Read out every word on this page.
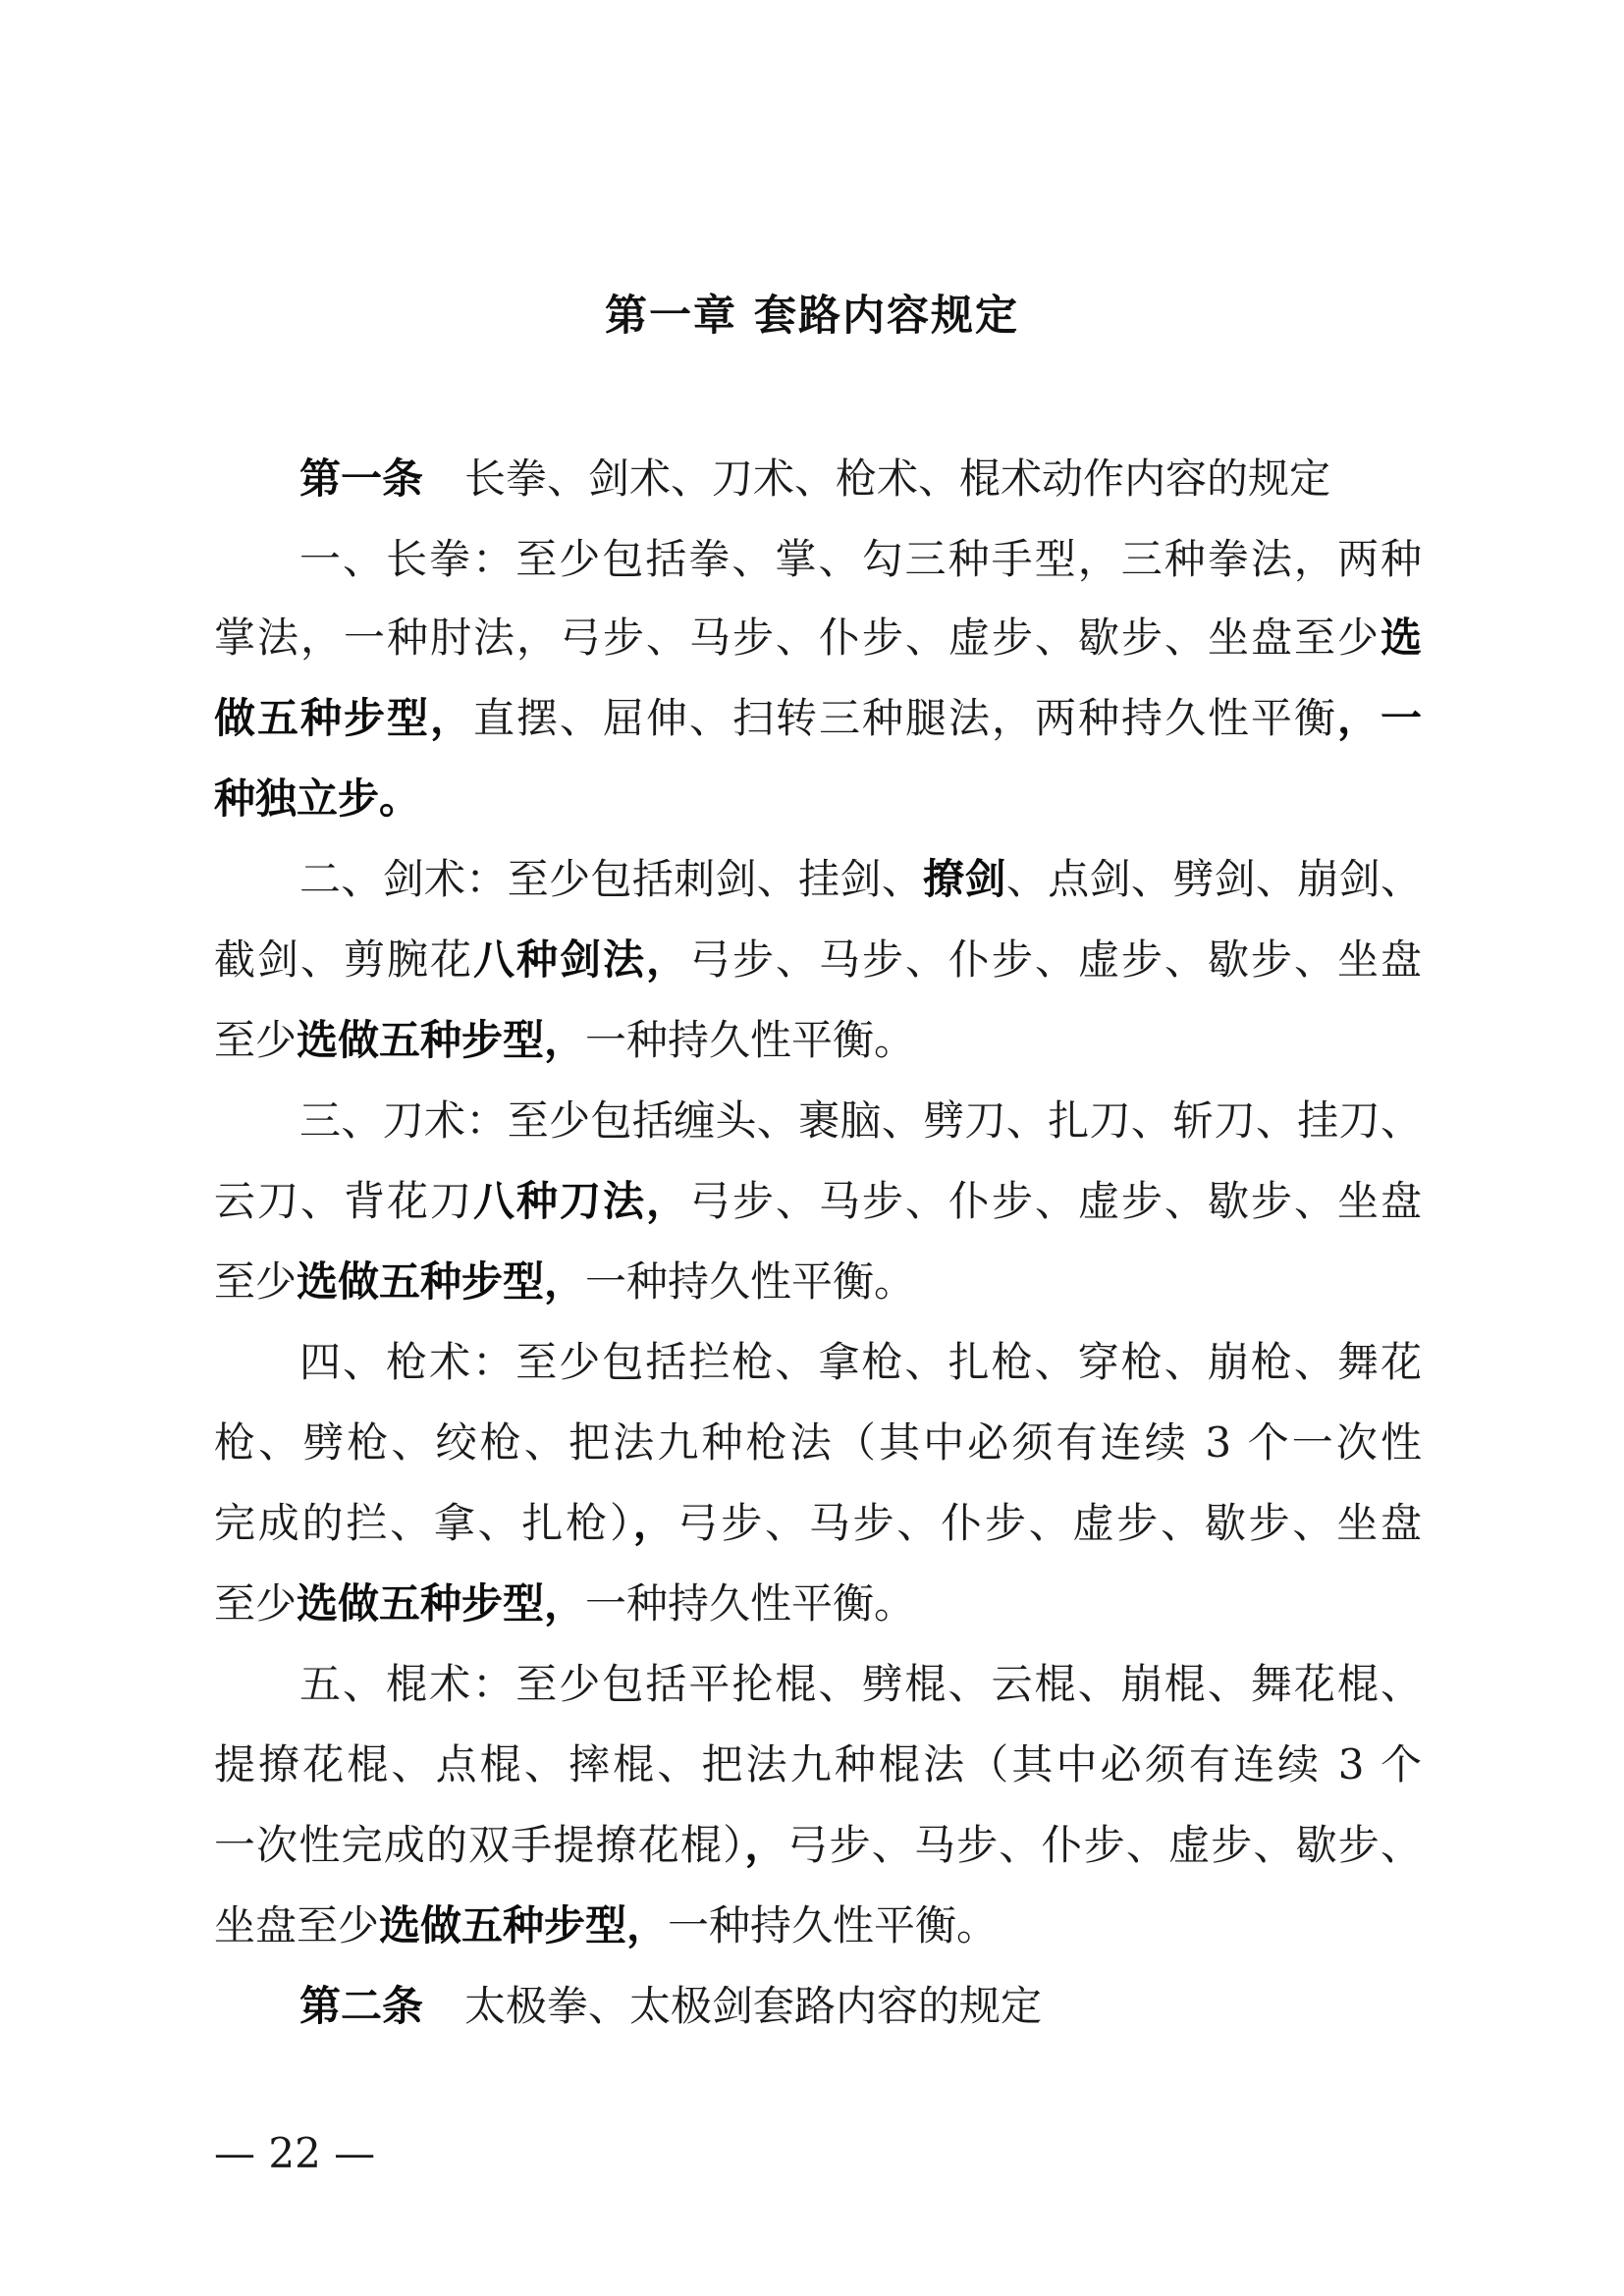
第一章 套路内容规定
第一条 长拳、剑术、刀术、枪术、棍术动作内容的规定
一、长拳：至少包括拳、掌、勾三种手型，三种拳法，两种
掌法，一种肘法，弓步、马步、仆步、虚步、歇步、坐盘至少选
做五种步型，直摆、屈伸、扫转三种腿法，两种持久性平衡，一
种独立步。
二、剑术：至少包括刺剑、挂剑、撩剑、点剑、劈剑、崩剑、
截剑、剪腕花八种剑法，弓步、马步、仆步、虚步、歇步、坐盘
至少选做五种步型，一种持久性平衡。
三、刀术：至少包括缠头、裹脑、劈刀、扎刀、斩刀、挂刀、
云刀、背花刀八种刀法，弓步、马步、仆步、虚步、歇步、坐盘
至少选做五种步型，一种持久性平衡。
四、枪术：至少包括拦枪、拿枪、扎枪、穿枪、崩枪、舞花
枪、劈枪、绞枪、把法九种枪法（其中必须有连续 3 个一次性
完成的拦、拿、扎枪），弓步、马步、仆步、虚步、歇步、坐盘
至少选做五种步型，一种持久性平衡。
五、棍术：至少包括平抡棍、劈棍、云棍、崩棍、舞花棍、
提撩花棍、点棍、摔棍、把法九种棍法（其中必须有连续 3 个
一次性完成的双手提撩花棍），弓步、马步、仆步、虚步、歇步、
坐盘至少选做五种步型，一种持久性平衡。
第二条 太极拳、太极剑套路内容的规定
— 22 —
